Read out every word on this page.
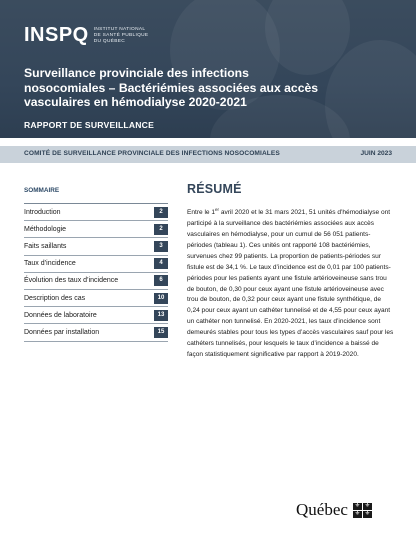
INSPQ INSTITUT NATIONAL
DE SANTÉ PUBLIQUE
DU QUÉBEC
Surveillance provinciale des infections nosocomiales – Bactériémies associées aux accès vasculaires en hémodialyse 2020-2021
RAPPORT DE SURVEILLANCE
COMITÉ DE SURVEILLANCE PROVINCIALE DES INFECTIONS NOSOCOMIALES	JUIN 2023
SOMMAIRE
Introduction	2
Méthodologie	2
Faits saillants	3
Taux d’incidence	4
Évolution des taux d’incidence	6
Description des cas	10
Données de laboratoire	13
Données par installation	15
RÉSUMÉ

Entre le 1er avril 2020 et le 31 mars 2021, 51 unités d’hémodialyse ont participé à la surveillance des bactériémies associées aux accès vasculaires en hémodialyse, pour un cumul de 56 051 patients-périodes (tableau 1). Ces unités ont rapporté 108 bactériémies, survenues chez 99 patients. La proportion de patients-périodes sur fistule est de 34,1 %. Le taux d’incidence est de 0,01 par 100 patients-périodes pour les patients ayant une fistule artérioveineuse sans trou de bouton, de 0,30 pour ceux ayant une fistule artérioveineuse avec trou de bouton, de 0,32 pour ceux ayant une fistule synthétique, de 0,24 pour ceux ayant un cathéter tunnelisé et de 4,55 pour ceux ayant un cathéter non tunnelisé. En 2020-2021, les taux d’incidence sont demeurés stables pour tous les types d’accès vasculaires sauf pour les cathéters tunnelisés, pour lesquels le taux d’incidence a baissé de façon statistiquement significative par rapport à 2019-2020.

Québec ⚜ ⚜
⚜ ⚜
